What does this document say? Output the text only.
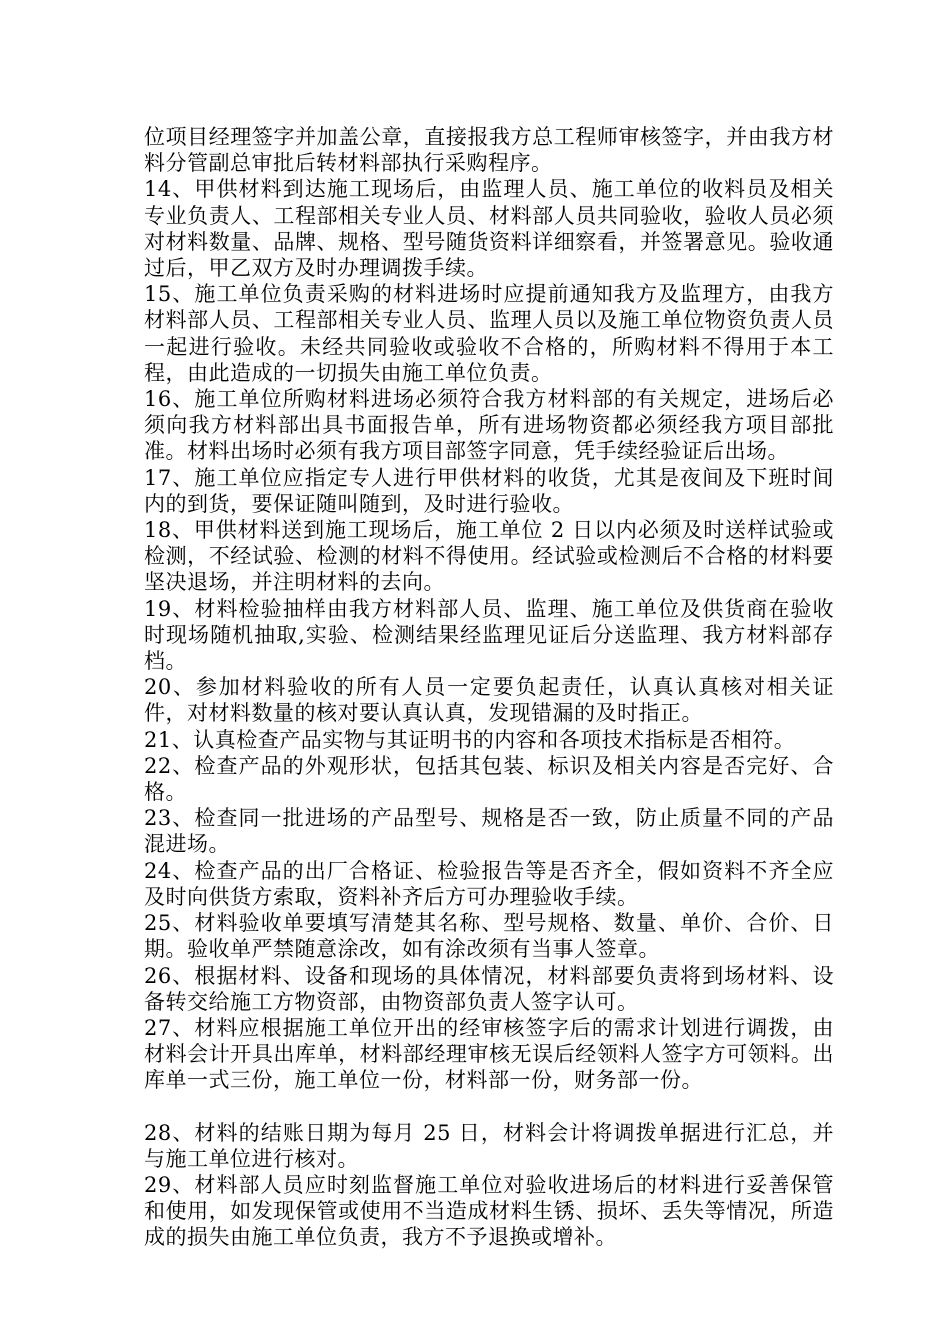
位项目经理签字并加盖公章，直接报我方总工程师审核签字，并由我方材料分管副总审批后转材料部执行采购程序。

14、甲供材料到达施工现场后，由监理人员、施工单位的收料员及相关专业负责人、工程部相关专业人员、材料部人员共同验收，验收人员必须对材料数量、品牌、规格、型号随货资料详细察看，并签署意见。验收通过后，甲乙双方及时办理调拨手续。

15、施工单位负责采购的材料进场时应提前通知我方及监理方，由我方材料部人员、工程部相关专业人员、监理人员以及施工单位物资负责人员一起进行验收。未经共同验收或验收不合格的，所购材料不得用于本工程，由此造成的一切损失由施工单位负责。

16、施工单位所购材料进场必须符合我方材料部的有关规定，进场后必须向我方材料部出具书面报告单，所有进场物资都必须经我方项目部批准。材料出场时必须有我方项目部签字同意，凭手续经验证后出场。

17、施工单位应指定专人进行甲供材料的收货，尤其是夜间及下班时间内的到货，要保证随叫随到，及时进行验收。

18、甲供材料送到施工现场后，施工单位 2 日以内必须及时送样试验或检测，不经试验、检测的材料不得使用。经试验或检测后不合格的材料要坚决退场，并注明材料的去向。

19、材料检验抽样由我方材料部人员、监理、施工单位及供货商在验收时现场随机抽取,实验、检测结果经监理见证后分送监理、我方材料部存档。

20、参加材料验收的所有人员一定要负起责任，认真认真核对相关证件，对材料数量的核对要认真认真，发现错漏的及时指正。

21、认真检查产品实物与其证明书的内容和各项技术指标是否相符。

22、检查产品的外观形状，包括其包装、标识及相关内容是否完好、合格。

23、检查同一批进场的产品型号、规格是否一致，防止质量不同的产品混进场。

24、检查产品的出厂合格证、检验报告等是否齐全，假如资料不齐全应及时向供货方索取，资料补齐后方可办理验收手续。

25、材料验收单要填写清楚其名称、型号规格、数量、单价、合价、日期。验收单严禁随意涂改，如有涂改须有当事人签章。

26、根据材料、设备和现场的具体情况，材料部要负责将到场材料、设备转交给施工方物资部，由物资部负责人签字认可。

27、材料应根据施工单位开出的经审核签字后的需求计划进行调拨，由 材料会计开具出库单，材料部经理审核无误后经领料人签字方可领料。出库单一式三份，施工单位一份，材料部一份，财务部一份。

28、材料的结账日期为每月 25 日，材料会计将调拨单据进行汇总，并与施工单位进行核对。

29、材料部人员应时刻监督施工单位对验收进场后的材料进行妥善保管和使用，如发现保管或使用不当造成材料生锈、损坏、丢失等情况，所造成的损失由施工单位负责，我方不予退换或增补。
